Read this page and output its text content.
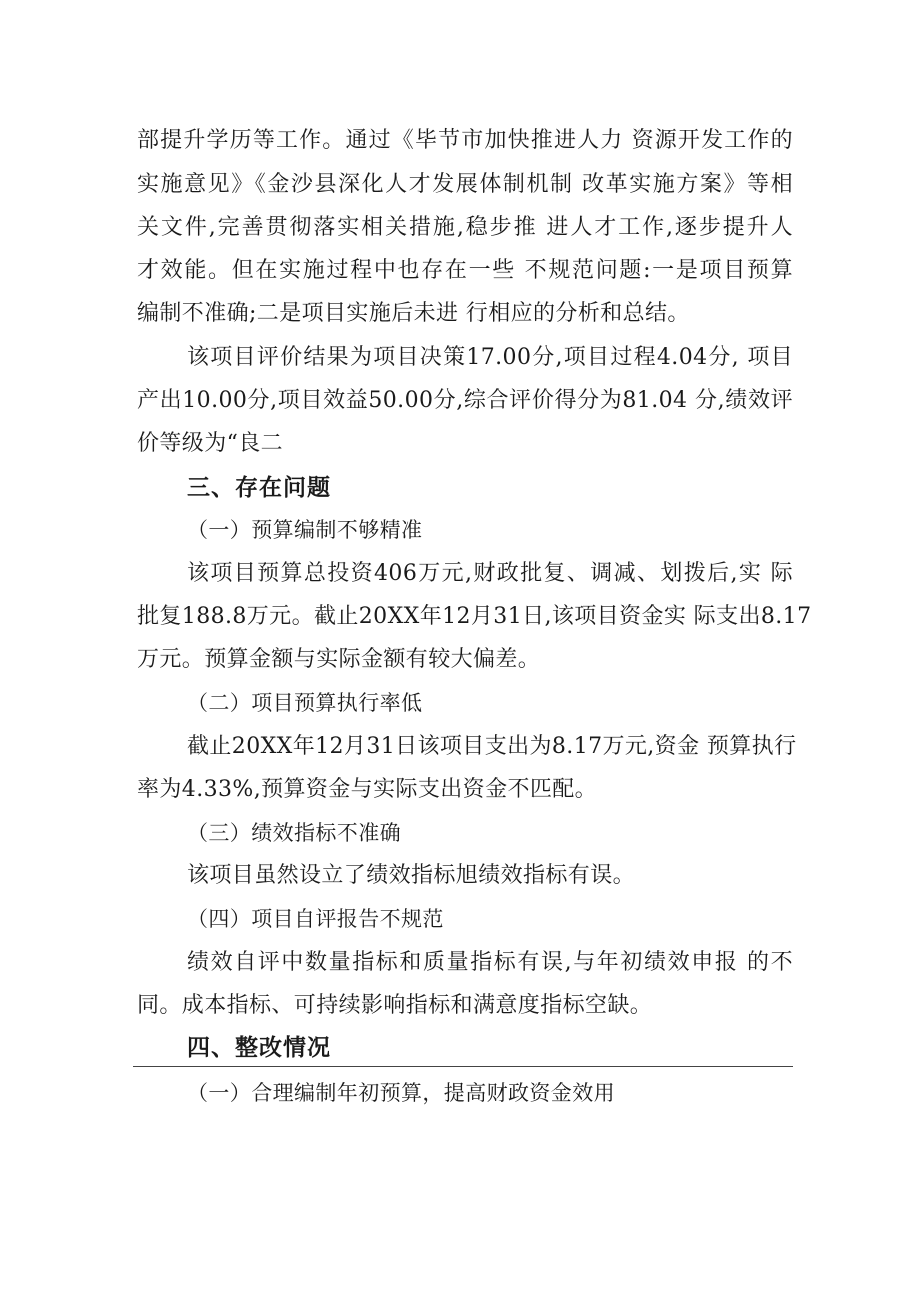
部提升学历等工作。通过《毕节市加快推进人力 资源开发工作的
实施意见》《金沙县深化人才发展体制机制 改革实施方案》等相
关文件,完善贯彻落实相关措施,稳步推 进人才工作,逐步提升人
才效能。但在实施过程中也存在一些 不规范问题:一是项目预算
编制不准确;二是项目实施后未进 行相应的分析和总结。
该项目评价结果为项目决策17.00分,项目过程4.04分, 项目
产出10.00分,项目效益50.00分,综合评价得分为81.04 分,绩效评
价等级为“良二
三、存在问题
（一）预算编制不够精准
该项目预算总投资406万元,财政批复、调减、划拨后,实 际
批复188.8万元。截止20XX年12月31日,该项目资金实 际支出8.17
万元。预算金额与实际金额有较大偏差。
（二）项目预算执行率低
截止20XX年12月31日该项目支出为8.17万元,资金 预算执行
率为4.33%,预算资金与实际支出资金不匹配。
（三）绩效指标不准确
该项目虽然设立了绩效指标旭绩效指标有误。
（四）项目自评报告不规范
绩效自评中数量指标和质量指标有误,与年初绩效申报 的不
同。成本指标、可持续影响指标和满意度指标空缺。
四、整改情况
（一）合理编制年初预算，提高财政资金效用
